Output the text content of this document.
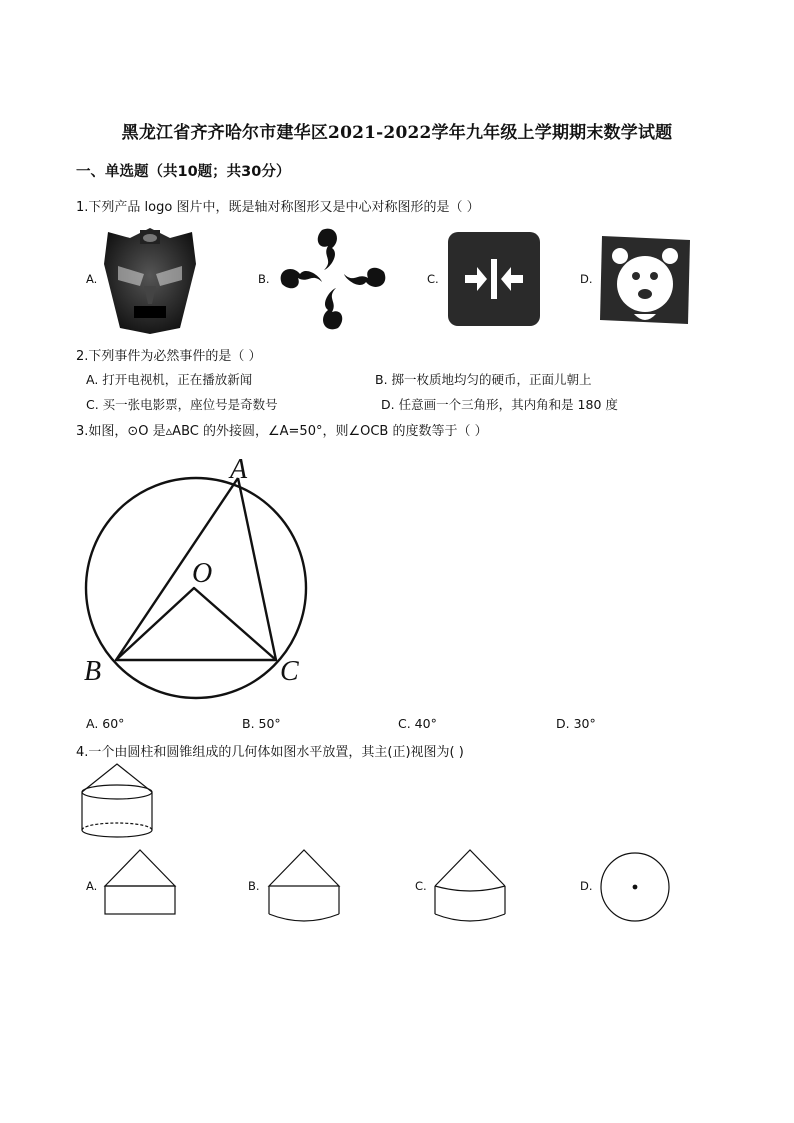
黑龙江省齐齐哈尔市建华区2021-2022学年九年级上学期期末数学试题
一、单选题（共10题；共30分）
1.下列产品 logo 图片中，既是轴对称图形又是中心对称图形的是（ ）
A.	B.	C.	D.
2.下列事件为必然事件的是（ ）
A. 打开电视机，正在播放新闻	B. 掷一枚质地均匀的硬币，正面儿朝上
C. 买一张电影票，座位号是奇数号	D. 任意画一个三角形，其内角和是 180 度
3.如图，⊙O 是▵ABC 的外接圆，∠A=50°，则∠OCB 的度数等于（ ）
A
O
B	C
A. 60°	B. 50°	C. 40°	D. 30°
4.一个由圆柱和圆锥组成的几何体如图水平放置，其主(正)视图为( )
A.	B.	C.	D.
